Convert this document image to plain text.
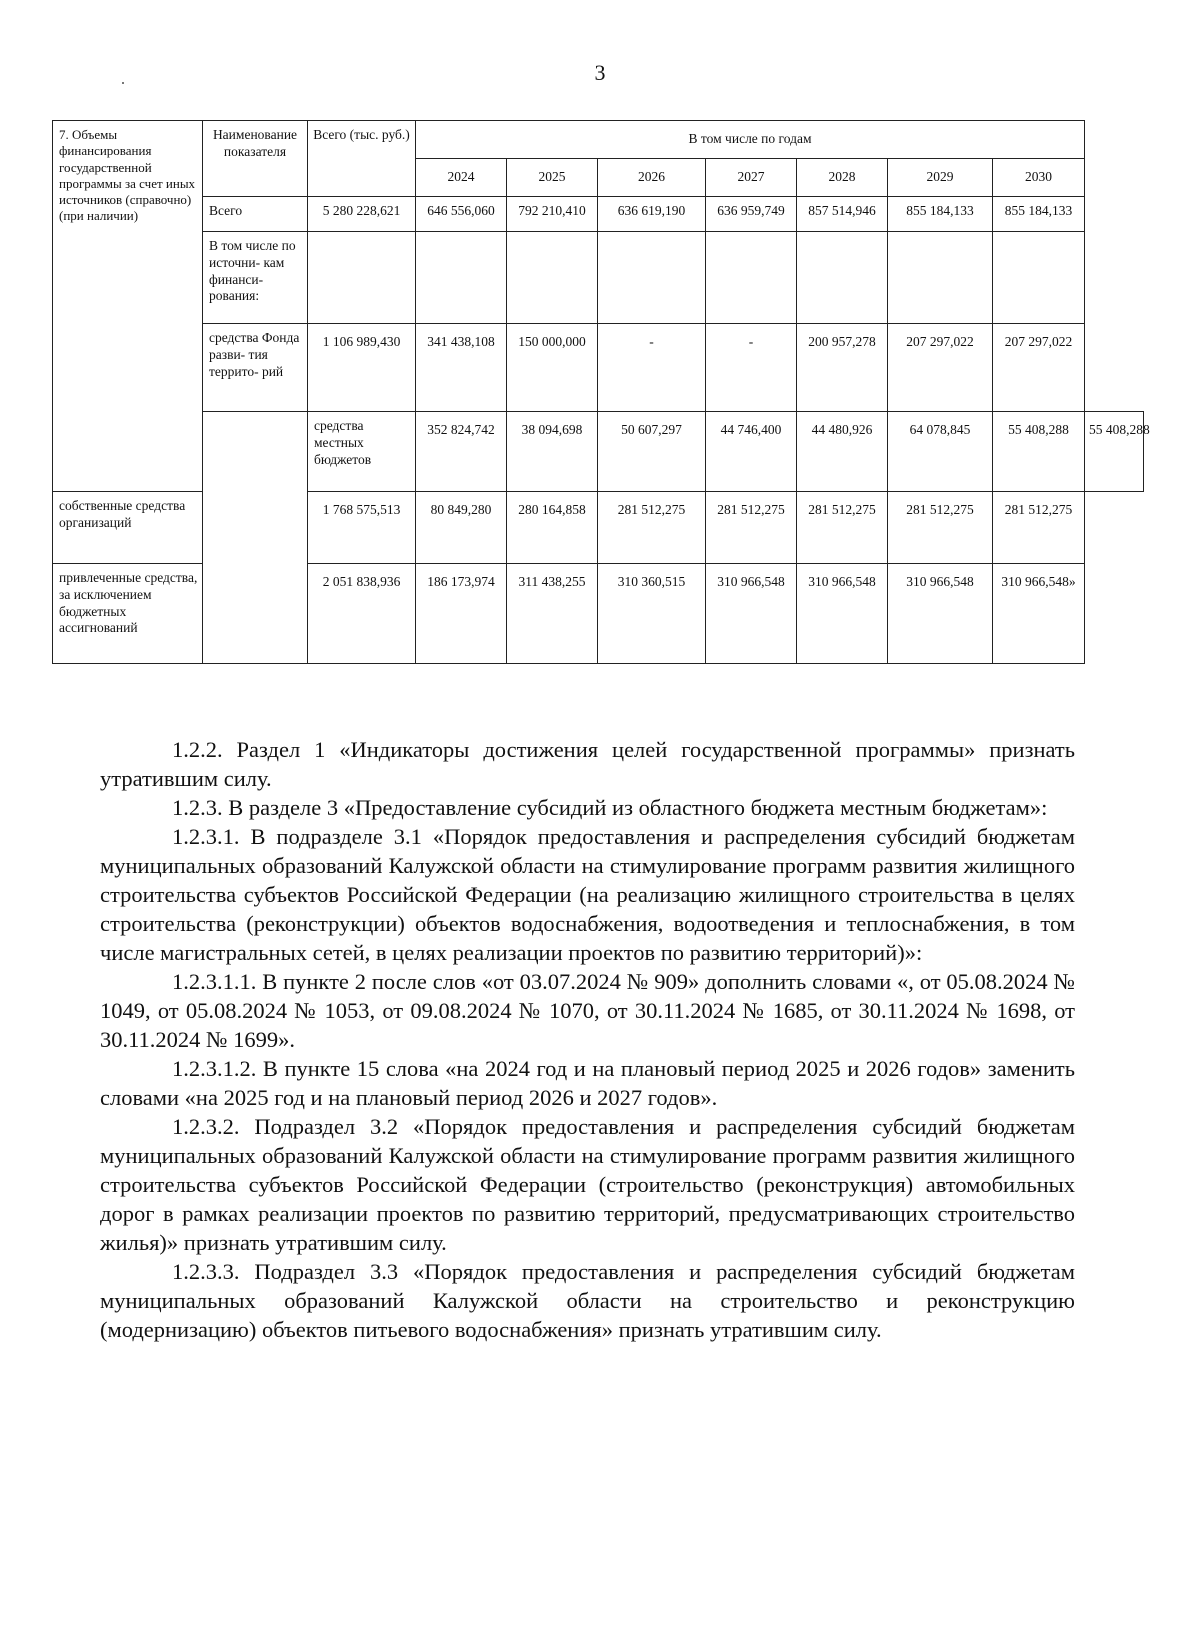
3
7. Объемы финансирования государственной программы за счет иных источников (справочно) (при наличии)	Наименование показателя	Всего (тыс. руб.)	В том числе по годам							
			2024	2025	2026	2027	2028	2029	2030	
	Всего	5 280 228,621	646 556,060	792 210,410	636 619,190	636 959,749	857 514,946	855 184,133	855 184,133	
	В том числе по источни- кам финанси- рования:									
	средства Фонда разви- тия террито- рий	1 106 989,430	341 438,108	150 000,000	-	-	200 957,278	207 297,022	207 297,022	
		средства местных бюджетов	352 824,742	38 094,698	50 607,297	44 746,400	44 480,926	64 078,845	55 408,288	55 408,288
собственные средства организаций		1 768 575,513	80 849,280	280 164,858	281 512,275	281 512,275	281 512,275	281 512,275	281 512,275	
привлеченные средства, за исключением бюджетных ассигнований		2 051 838,936	186 173,974	311 438,255	310 360,515	310 966,548	310 966,548	310 966,548	310 966,548»	

1.2.2. Раздел 1 «Индикаторы достижения целей государственной программы» признать утратившим силу.

1.2.3. В разделе 3 «Предоставление субсидий из областного бюджета местным бюджетам»:

1.2.3.1. В подразделе 3.1 «Порядок предоставления и распределения субсидий бюджетам муниципальных образований Калужской области на стимулирование программ развития жилищного строительства субъектов Российской Федерации (на реализацию жилищного строительства в целях строительства (реконструкции) объектов водоснабжения, водоотведения и теплоснабжения, в том числе магистральных сетей, в целях реализации проектов по развитию территорий)»:

1.2.3.1.1. В пункте 2 после слов «от 03.07.2024 № 909» дополнить словами «, от 05.08.2024 № 1049, от 05.08.2024 № 1053, от 09.08.2024 № 1070, от 30.11.2024 № 1685, от 30.11.2024 № 1698, от 30.11.2024 № 1699».

1.2.3.1.2. В пункте 15 слова «на 2024 год и на плановый период 2025 и 2026 годов» заменить словами «на 2025 год и на плановый период 2026 и 2027 годов».

1.2.3.2. Подраздел 3.2 «Порядок предоставления и распределения субсидий бюджетам муниципальных образований Калужской области на стимулирование программ развития жилищного строительства субъектов Российской Федерации (строительство (реконструкция) автомобильных дорог в рамках реализации проектов по развитию территорий, предусматривающих строительство жилья)» признать утратившим силу.

1.2.3.3. Подраздел 3.3 «Порядок предоставления и распределения субсидий бюджетам муниципальных образований Калужской области на строительство и реконструкцию (модернизацию) объектов питьевого водоснабжения» признать утратившим силу.
